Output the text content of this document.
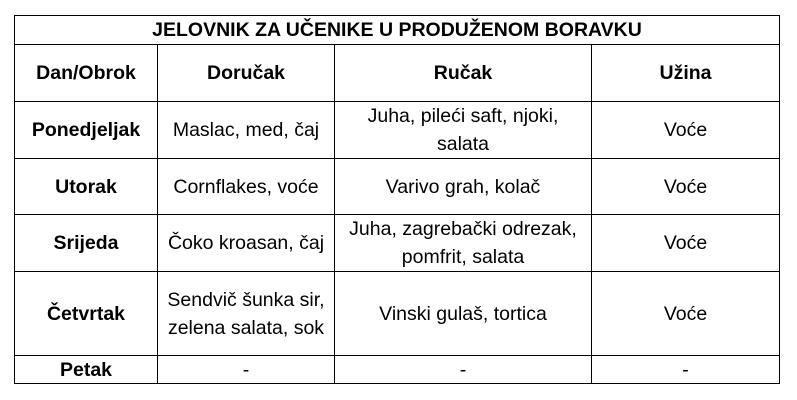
JELOVNIK ZA UČENIKE U PRODUŽENOM BORAVKU			
Dan/Obrok	Doručak	Ručak	Užina
Ponedjeljak	Maslac, med, čaj	Juha, pileći saft, njoki, salata	Voće
Utorak	Cornflakes, voće	Varivo grah, kolač	Voće
Srijeda	Čoko kroasan, čaj	Juha, zagrebački odrezak, pomfrit, salata	Voće
Četvrtak	Sendvič šunka sir, zelena salata, sok	Vinski gulaš, tortica	Voće
Petak	-	-	-
